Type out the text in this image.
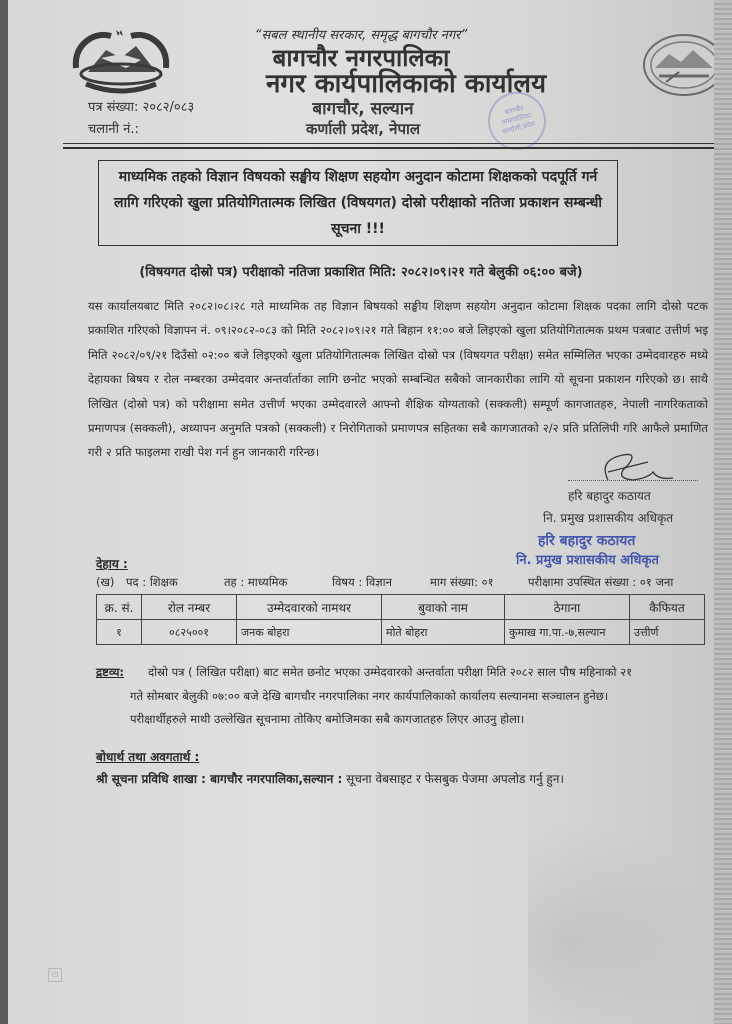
“सबल स्थानीय सरकार, समृद्ध बागचौर नगर”
बागचौर नगरपालिका
नगर कार्यपालिकाको कार्यालय
बागचौर, सल्यान
कर्णाली प्रदेश, नेपाल
पत्र संख्या: २०८२/०८३
चलानी नं.:
बागचौर नगरपालिका कर्णाली प्रदेश
माध्यमिक तहको विज्ञान विषयको सङ्घीय शिक्षण सहयोग अनुदान कोटामा शिक्षकको पदपूर्ति गर्न लागि गरिएको खुला प्रतियोगितात्मक लिखित (विषयगत) दोस्रो परीक्षाको नतिजा प्रकाशन सम्बन्धी सूचना !!!
(विषयगत दोस्रो पत्र) परीक्षाको नतिजा प्रकाशित मिति: २०८२।०९।२१ गते बेलुकी ०६:०० बजे)
यस कार्यालयबाट मिति २०८२।०८।२८ गते माध्यमिक तह विज्ञान बिषयको सङ्घीय शिक्षण सहयोग अनुदान कोटामा शिक्षक पदका लागि दोस्रो पटक प्रकाशित गरिएको विज्ञापन नं. ०९।२०८२-०८३ को मिति २०८२।०९।२१ गते बिहान ११:०० बजे लिइएको खुला प्रतियोगितात्मक प्रथम पत्रबाट उत्तीर्ण भइ मिति २०८२/०९/२१ दिउँसो ०२:०० बजे लिइएको खुला प्रतियोगितात्मक लिखित दोस्रो पत्र (विषयगत परीक्षा) समेत सम्मिलित भएका उम्मेदवारहरु मध्ये देहायका बिषय र रोल नम्बरका उम्मेदवार अन्तर्वार्ताका लागि छनोट भएको सम्बन्धित सबैको जानकारीका लागि यो सूचना प्रकाशन गरिएको छ। साथै लिखित (दोस्रो पत्र) को परीक्षामा समेत उत्तीर्ण भएका उम्मेदवारले आफ्नो शैक्षिक योग्यताको (सक्कली) सम्पूर्ण कागजातहरु, नेपाली नागरिकताको प्रमाणपत्र (सक्कली), अध्यापन अनुमति पत्रको (सक्कली) र निरोगिताको प्रमाणपत्र सहितका सबै कागजातको २/२ प्रति प्रतिलिपी गरि आफैले प्रमाणित गरी २ प्रति फाइलमा राखी पेश गर्न हुन जानकारी गरिन्छ।
हरि बहादुर कठायत
नि. प्रमुख प्रशासकीय अधिकृत
हरि बहादुर कठायत
नि. प्रमुख प्रशासकीय अधिकृत
देहाय :
(ख) पद : शिक्षक	तह : माध्यमिक	विषय : विज्ञान	माग संख्या: ०१	परीक्षामा उपस्थित संख्या : ०१ जना
क्र. सं.	रोल नम्बर	उम्मेदवारको नामथर	बुवाको नाम	ठेगाना	कैफियत
१	०८२५००१	जनक बोहरा	मोते बोहरा	कुमाख गा.पा.-७,सल्यान	उत्तीर्ण
द्रष्टव्य:	दोस्रो पत्र ( लिखित परीक्षा) बाट समेत छनोट भएका उम्मेदवारको अन्तर्वाता परीक्षा मिति २०८२ साल पौष महिनाको २१
गते सोमबार बेलुकी ०७:०० बजे देखि बागचौर नगरपालिका नगर कार्यपालिकाको कार्यालय सल्यानमा सञ्चालन हुनेछ।
परीक्षार्थीहरुले माथी उल्लेखित सूचनामा तोकिए बमोजिमका सबै कागजातहरु लिएर आउनु होला।
बोधार्थ तथा अवगतार्थ :
श्री सूचना प्रविधि शाखा : बागचौर नगरपालिका,सल्यान : सूचना वेबसाइट र फेसबुक पेजमा अपलोड गर्नु हुन।
⊡
